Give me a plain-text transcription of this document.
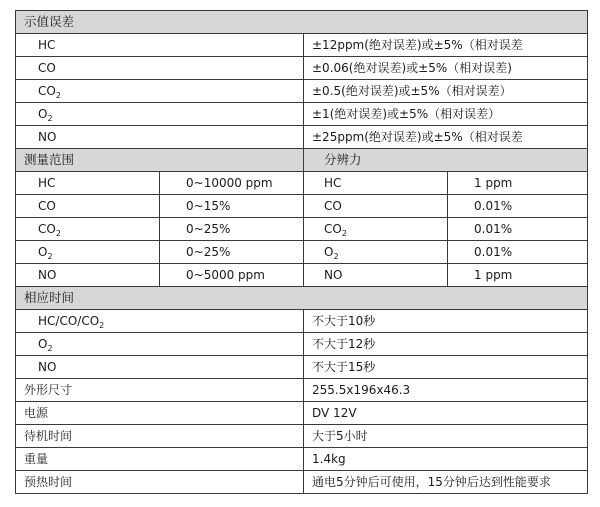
示值误差			
HC		±12ppm(绝对误差)或±5%（相对误差	
CO		±0.06(绝对误差)或±5%（相对误差)	
$CO_2$		±0.5(绝对误差)或±5%（相对误差）	
$O_2$		±1(绝对误差)或±5%（相对误差）	
NO		±25ppm(绝对误差)或±5%（相对误差	
测量范围		分辨力	
HC	0~10000 ppm	HC	1 ppm
CO	0~15%	CO	0.01%
$CO_2$	0~25%	$CO_2$	0.01%
$O_2$	0~25%	$O_2$	0.01%
NO	0~5000 ppm	NO	1 ppm
相应时间			
$HC/CO/CO_2$		不大于10秒	
$O_2$		不大于12秒	
NO		不大于15秒	
外形尺寸		255.5x196x46.3	
电源		DV 12V	
待机时间		大于5小时	
重量		1.4kg	
预热时间		通电5分钟后可使用，15分钟后达到性能要求	
